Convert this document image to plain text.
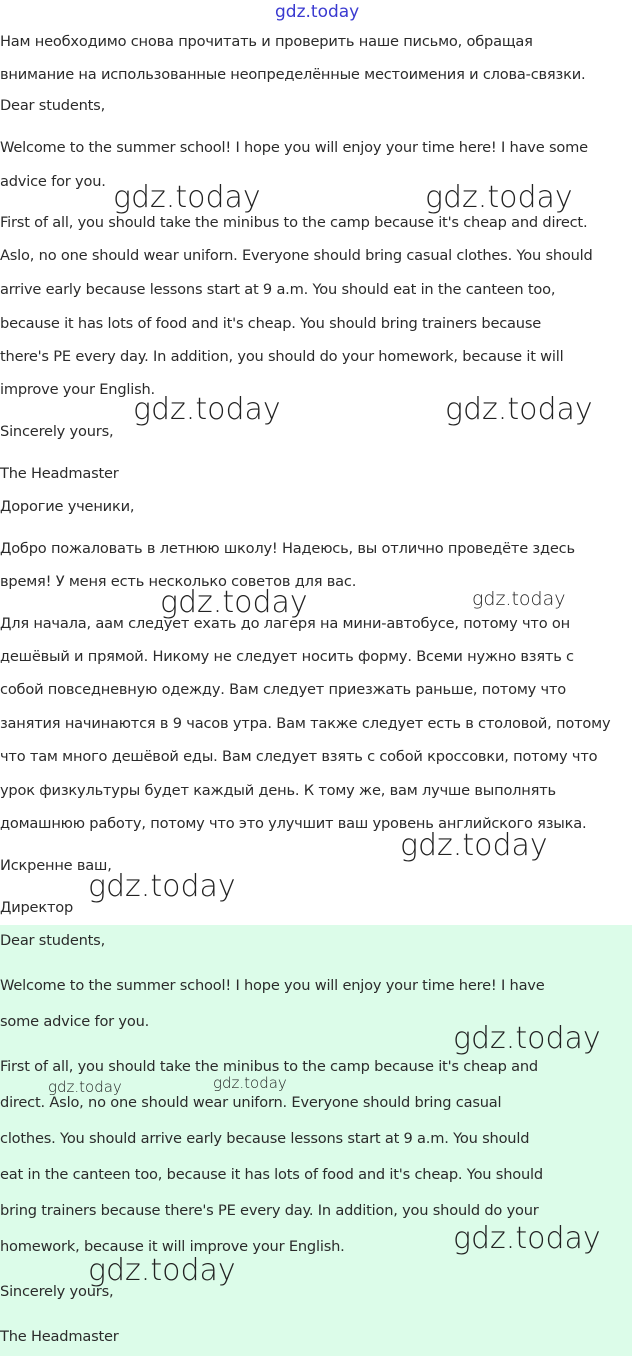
gdz.today
Нам необходимо снова прочитать и проверить наше письмо, обращая
внимание на использованные неопределённые местоимения и слова-связки.
Dear students,
Welcome to the summer school! I hope you will enjoy your time here! I have some
advice for you.
First of all, you should take the minibus to the camp because it's cheap and direct.
Aslo, no one should wear uniforn. Everyone should bring casual clothes. You should
arrive early because lessons start at 9 a.m. You should eat in the canteen too,
because it has lots of food and it's cheap. You should bring trainers because
there's PE every day. In addition, you should do your homework, because it will
improve your English.
Sincerely yours,
The Headmaster
Дорогие ученики,
Добро пожаловать в летнюю школу! Надеюсь, вы отлично проведёте здесь
время! У меня есть несколько советов для вас.
Для начала, аам следует ехать до лагеря на мини-автобусе, потому что он
дешёвый и прямой. Никому не следует носить форму. Всеми нужно взять с
собой повседневную одежду. Вам следует приезжать раньше, потому что
занятия начинаются в 9 часов утра. Вам также следует есть в столовой, потому
что там много дешёвой еды. Вам следует взять с собой кроссовки, потому что
урок физкультуры будет каждый день. К тому же, вам лучше выполнять
домашнюю работу, потому что это улучшит ваш уровень английского языка.
Искренне ваш,
Директор
Dear students,
Welcome to the summer school! I hope you will enjoy your time here! I have
some advice for you.
First of all, you should take the minibus to the camp because it's cheap and
direct. Aslo, no one should wear uniforn. Everyone should bring casual
clothes. You should arrive early because lessons start at 9 a.m. You should
eat in the canteen too, because it has lots of food and it's cheap. You should
bring trainers because there's PE every day. In addition, you should do your
homework, because it will improve your English.
Sincerely yours,
The Headmaster
gdz.today	gdz.today
gdz.today	gdz.today
gdz.today	gdz.today
gdz.today
gdz.today
gdz.today
gdz.today	gdz.today
gdz.today
gdz.today
